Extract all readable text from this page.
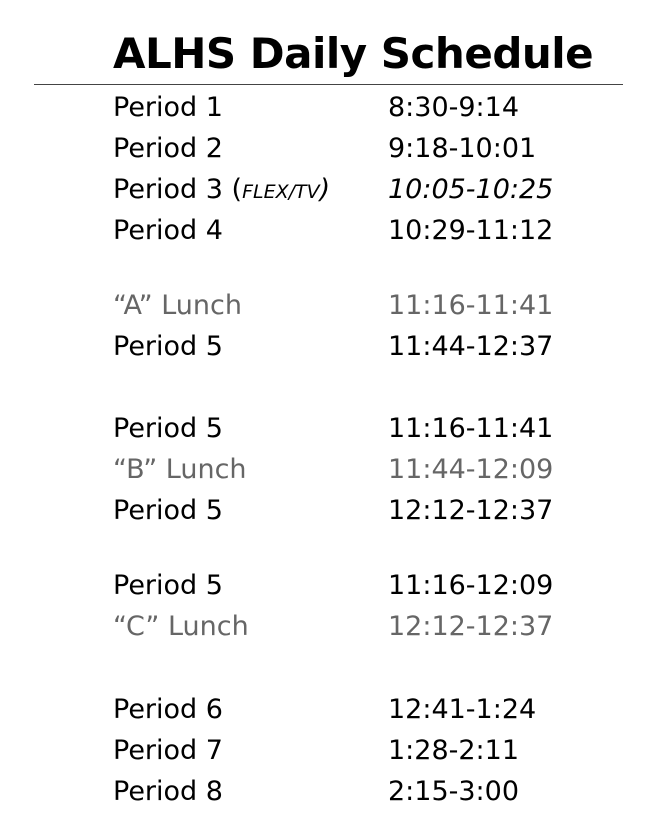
ALHS Daily Schedule
Period 1	8:30-9:14
Period 2	9:18-10:01
Period 3 (FLEX/TV) 10:05-10:25
Period 4	10:29-11:12
“A” Lunch	11:16-11:41
Period 5	11:44-12:37
Period 5	11:16-11:41
“B” Lunch	11:44-12:09
Period 5	12:12-12:37
Period 5	11:16-12:09
“C” Lunch	12:12-12:37
Period 6	12:41-1:24
Period 7	1:28-2:11
Period 8	2:15-3:00
